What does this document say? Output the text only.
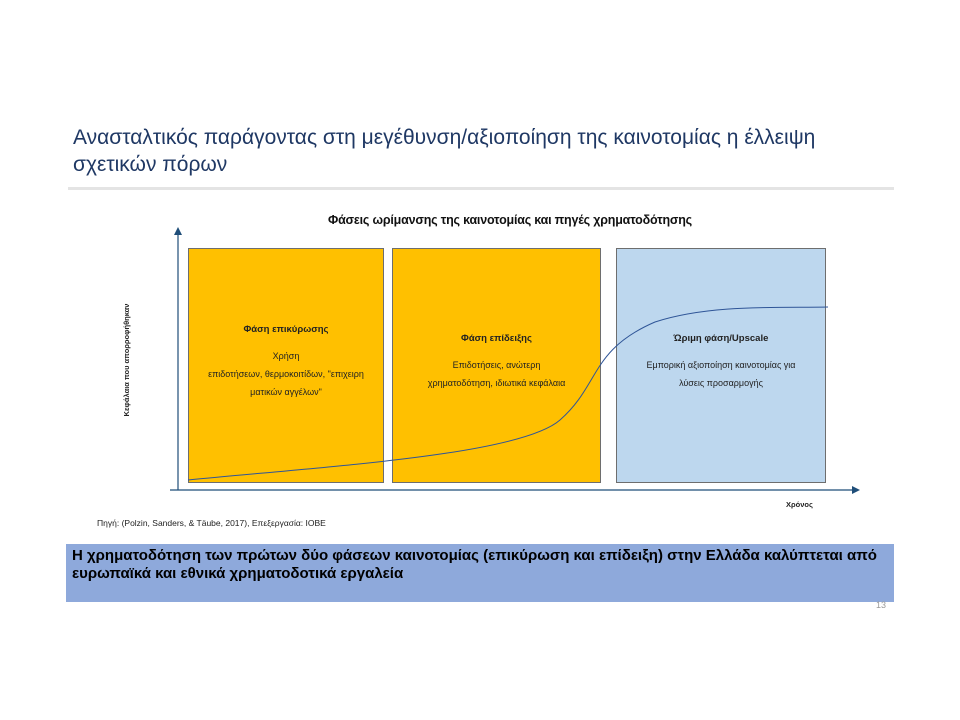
Ανασταλτικός παράγοντας στη μεγέθυνση/αξιοποίηση της καινοτομίας η έλλειψη σχετικών πόρων
Φάσεις ωρίμανσης της καινοτομίας και πηγές χρηματοδότησης
Φάση επικύρωσης
Χρήση
επιδοτήσεων, θερμοκοιτίδων, "επιχειρη
ματικών αγγέλων"
Φάση επίδειξης
Επιδοτήσεις, ανώτερη
χρηματοδότηση, ιδιωτικά κεφάλαια
Ώριμη φάση/Upscale
Εμπορική αξιοποίηση καινοτομίας για
λύσεις προσαρμογής
Κεφάλαια που απορροφήθηκαν
Χρόνος
Πηγή: (Polzin, Sanders, & Täube, 2017), Επεξεργασία: ΙΟΒΕ
Η χρηματοδότηση των πρώτων δύο φάσεων καινοτομίας (επικύρωση και επίδειξη) στην Ελλάδα καλύπτεται από ευρωπαϊκά και εθνικά χρηματοδοτικά εργαλεία
13
